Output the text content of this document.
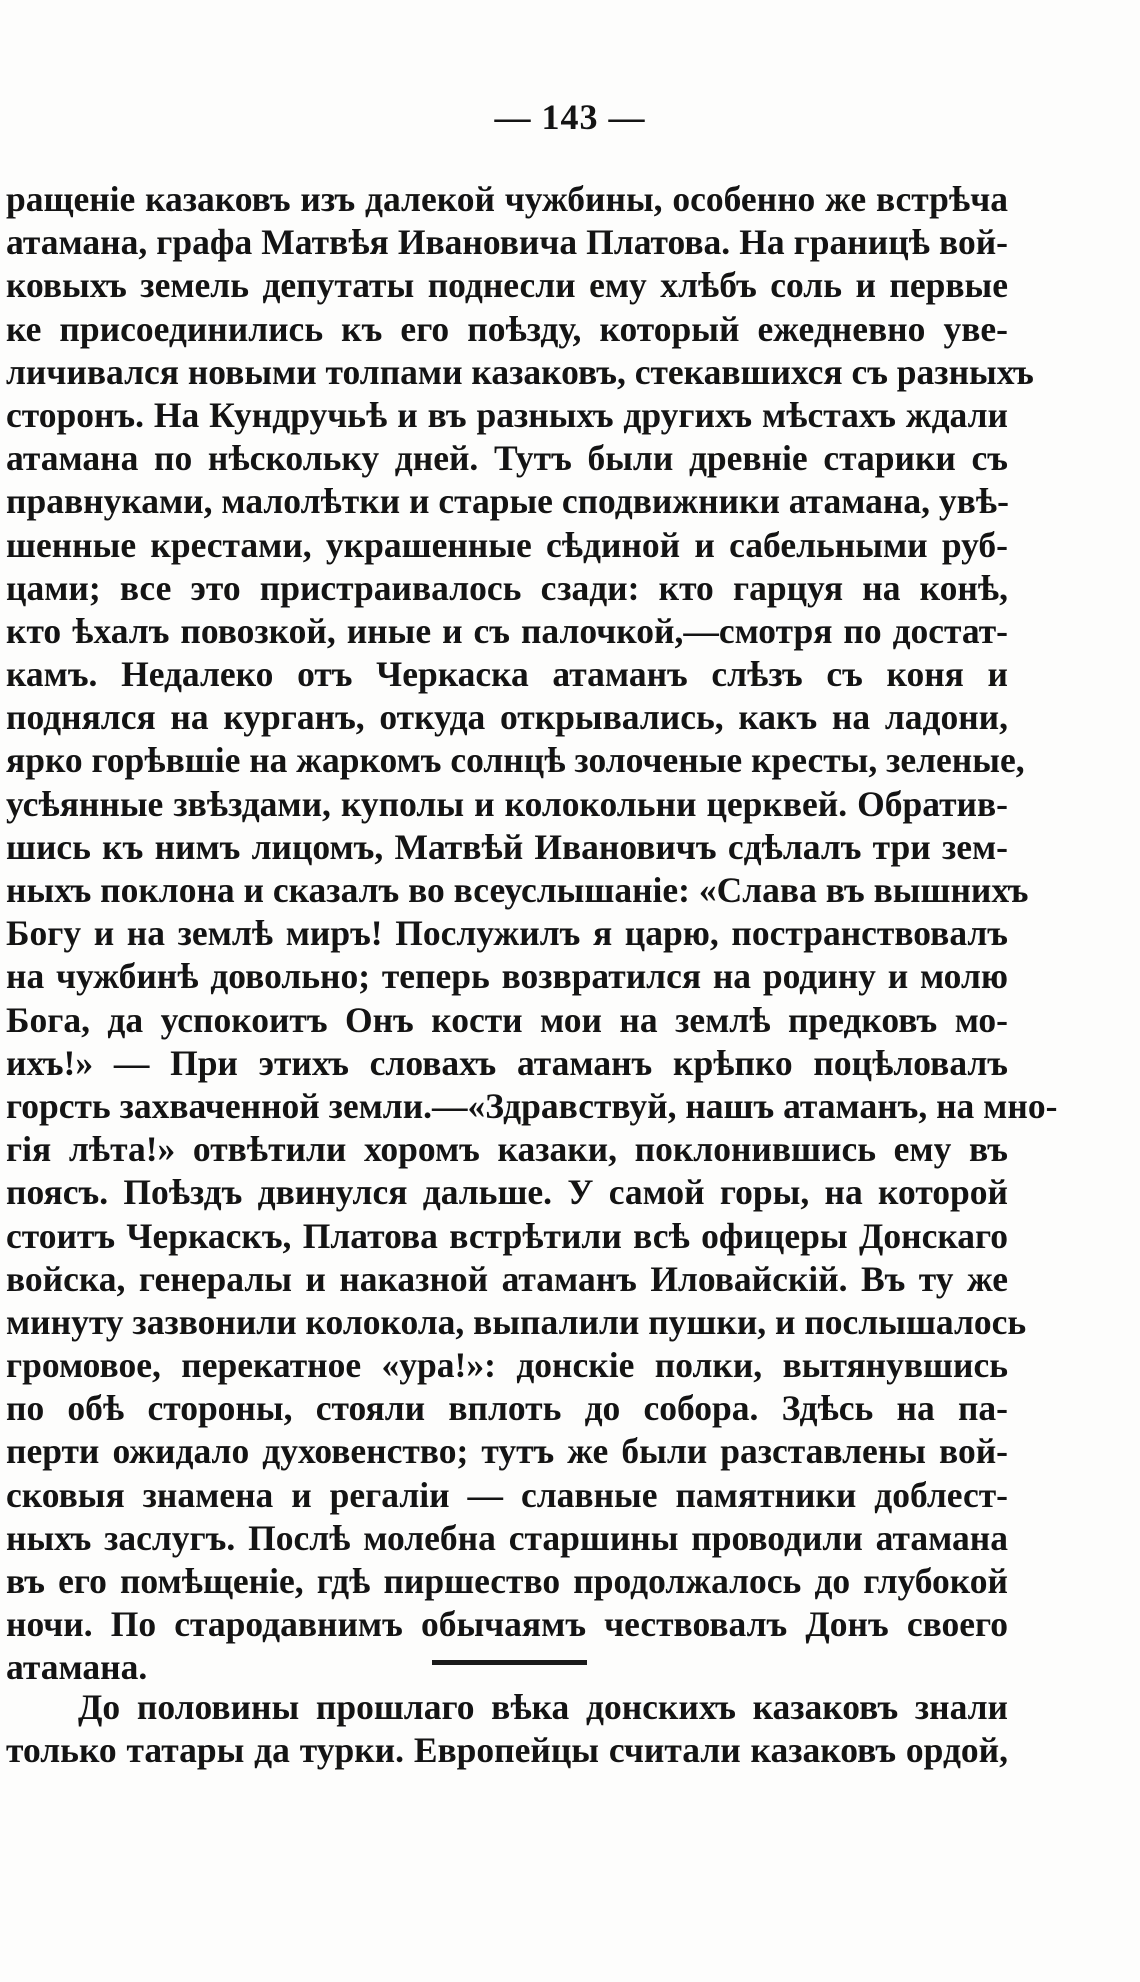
— 143 —
ращеніе казаковъ изъ далекой чужбины, особенно же встрѣча
атамана, графа Матвѣя Ивановича Платова. На границѣ вой-
ковыхъ земель депутаты поднесли ему хлѣбъ соль и первые
ке присоединились къ его поѣзду, который ежедневно уве-
личивался новыми толпами казаковъ, стекавшихся съ разныхъ
сторонъ. На Кундручьѣ и въ разныхъ другихъ мѣстахъ ждали
атамана по нѣскольку дней. Тутъ были древніе старики съ
правнуками, малолѣтки и старые сподвижники атамана, увѣ-
шенные крестами, украшенные сѣдиной и сабельными руб-
цами; все это пристраивалось сзади: кто гарцуя на конѣ,
кто ѣхалъ повозкой, иные и съ палочкой,—смотря по достат-
камъ. Недалеко отъ Черкаска атаманъ слѣзъ съ коня и
поднялся на курганъ, откуда открывались, какъ на ладони,
ярко горѣвшіе на жаркомъ солнцѣ золоченые кресты, зеленые,
усѣянные звѣздами, куполы и колокольни церквей. Обратив-
шись къ нимъ лицомъ, Матвѣй Ивановичъ сдѣлалъ три зем-
ныхъ поклона и сказалъ во всеуслышаніе: «Слава въ вышнихъ
Богу и на землѣ миръ! Послужилъ я царю, постранствовалъ
на чужбинѣ довольно; теперь возвратился на родину и молю
Бога, да успокоитъ Онъ кости мои на землѣ предковъ мо-
ихъ!» — При этихъ словахъ атаманъ крѣпко поцѣловалъ
горсть захваченной земли.—«Здравствуй, нашъ атаманъ, на мно-
гія лѣта!» отвѣтили хоромъ казаки, поклонившись ему въ
поясъ. Поѣздъ двинулся дальше. У самой горы, на которой
стоитъ Черкаскъ, Платова встрѣтили всѣ офицеры Донскаго
войска, генералы и наказной атаманъ Иловайскій. Въ ту же
минуту зазвонили колокола, выпалили пушки, и послышалось
громовое, перекатное «ура!»: донскіе полки, вытянувшись
по обѣ стороны, стояли вплоть до собора. Здѣсь на па-
перти ожидало духовенство; тутъ же были разставлены вой-
сковыя знамена и регаліи — славные памятники доблест-
ныхъ заслугъ. Послѣ молебна старшины проводили атамана
въ его помѣщеніе, гдѣ пиршество продолжалось до глубокой
ночи. По стародавнимъ обычаямъ чествовалъ Донъ своего
атамана.
До половины прошлаго вѣка донскихъ казаковъ знали
только татары да турки. Европейцы считали казаковъ ордой,
